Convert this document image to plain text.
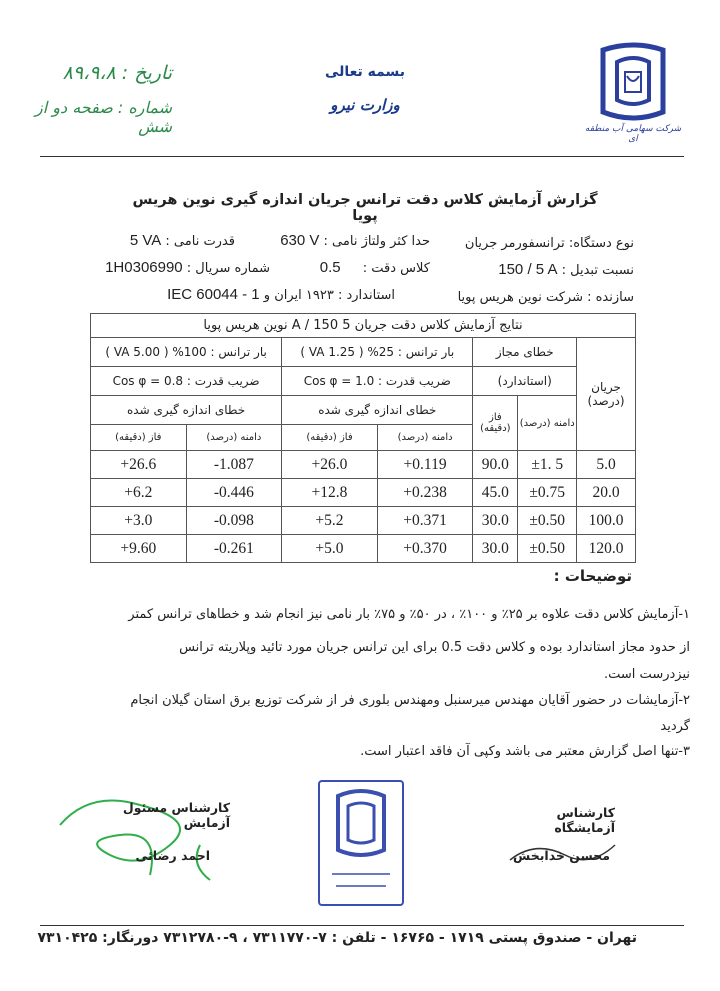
شرکت سهامی آب منطقه ای
بسمه تعالی
وزارت نیرو
تاریخ : ۸۹،۹،۸
شماره : صفحه دو از شش
گزارش آزمایش کلاس دقت ترانس جریان اندازه گیری نوین هریس پویا
نوع دستگاه: ترانسفورمر جریان
630 V حدا کثر ولتاژ نامی :
5 VA قدرت نامی :
150 / 5 A نسبت تبدیل :
0.5 کلاس دقت :
1H0306990 شماره سریال :
سازنده : شرکت نوین هریس پویا
IEC 60044 - 1 استاندارد : ۱۹۲۳ ایران و
نتایج آزمایش کلاس دقت جریان 5 A / 150 نوین هریس پویا						
بار ترانس : 100% ( 5.00 VA )		بار ترانس : 25% ( 1.25 VA )		خطای مجاز		جریان
(درصد)

Cos φ = 0.8 : ضریب قدرت		Cos φ = 1.0 : ضریب قدرت		(استاندارد)		
خطای اندازه گیری شده		خطای اندازه گیری شده		فاز (دقیقه)	دامنه (درصد)	
فاز (دقیقه)	دامنه (درصد)	فاز (دقیقه)	دامنه (درصد)			
+26.6	-1.087	+26.0	+0.119	90.0	±1. 5	5.0
+6.2	-0.446	+12.8	+0.238	45.0	±0.75	20.0
+3.0	-0.098	+5.2	+0.371	30.0	±0.50	100.0
+9.60	-0.261	+5.0	+0.370	30.0	±0.50	120.0
توضیحات :
۱-آزمایش کلاس دقت علاوه بر ۲۵٪ و ۱۰۰٪ ، در ۵۰٪ و ۷۵٪ بار نامی نیز انجام شد و خطاهای ترانس کمتر
از حدود مجاز استاندارد بوده و کلاس دقت 0.5 برای این ترانس جریان مورد تائید وپلاریته ترانس
نیزدرست است.
۲-آزمایشات در حضور آقایان مهندس میرسنبل ومهندس بلوری فر از شرکت توزیع برق استان گیلان انجام
گردید
۳-تنها اصل گزارش معتبر می باشد وکپی آن فاقد اعتبار است.
کارشناس مسئول آزمایش
احمد رضائی
کارشناس آزمایشگاه
محسن خدابخش
تهران - صندوق پستی ۱۷۱۹ - ۱۶۷۶۵ - تلفن : ۷-۷۳۱۱۷۷۰ ، ۹-۷۳۱۲۷۸۰ دورنگار: ۷۳۱۰۴۲۵
